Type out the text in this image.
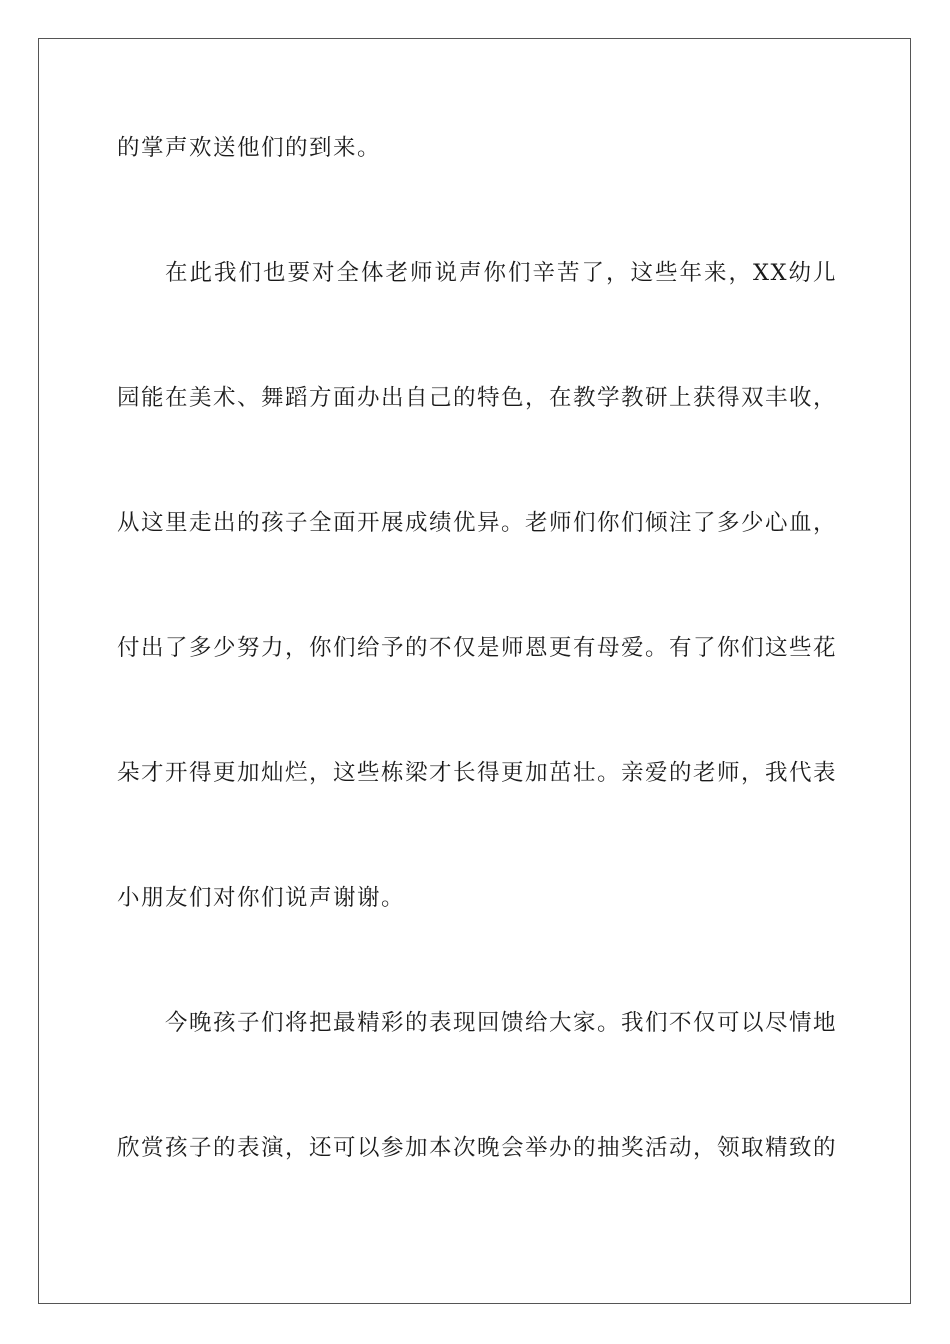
的掌声欢送他们的到来。
在此我们也要对全体老师说声你们辛苦了，这些年来，XX幼儿
园能在美术、舞蹈方面办出自己的特色，在教学教研上获得双丰收，
从这里走出的孩子全面开展成绩优异。老师们你们倾注了多少心血，
付出了多少努力，你们给予的不仅是师恩更有母爱。有了你们这些花
朵才开得更加灿烂，这些栋梁才长得更加茁壮。亲爱的老师，我代表
小朋友们对你们说声谢谢。
今晚孩子们将把最精彩的表现回馈给大家。我们不仅可以尽情地
欣赏孩子的表演，还可以参加本次晚会举办的抽奖活动，领取精致的
